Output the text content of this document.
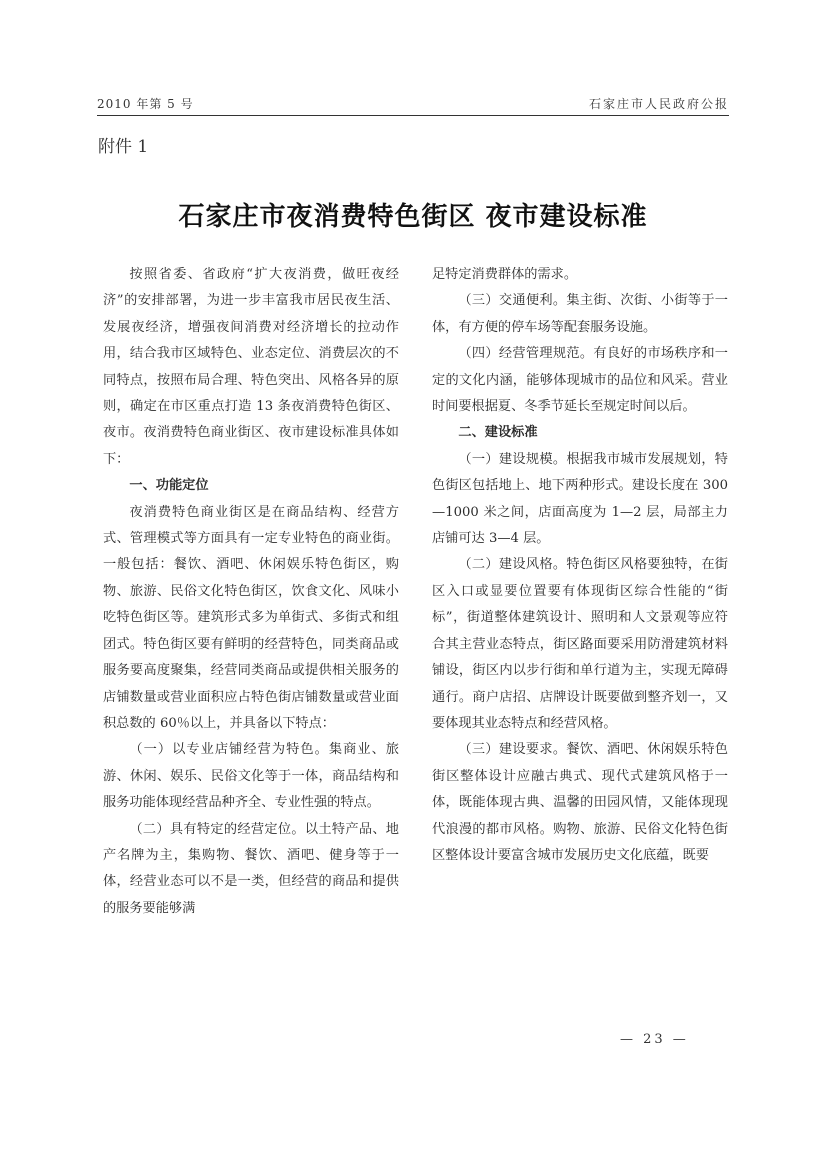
2010 年第 5 号	石家庄市人民政府公报
附件 1
石家庄市夜消费特色街区 夜市建设标准

按照省委、省政府“扩大夜消费，做旺夜经济”的安排部署，为进一步丰富我市居民夜生活、发展夜经济，增强夜间消费对经济增长的拉动作用，结合我市区域特色、业态定位、消费层次的不同特点，按照布局合理、特色突出、风格各异的原则，确定在市区重点打造 13 条夜消费特色街区、夜市。夜消费特色商业街区、夜市建设标准具体如下：

一、功能定位

夜消费特色商业街区是在商品结构、经营方式、管理模式等方面具有一定专业特色的商业街。一般包括：餐饮、酒吧、休闲娱乐特色街区，购物、旅游、民俗文化特色街区，饮食文化、风味小吃特色街区等。建筑形式多为单街式、多街式和组团式。特色街区要有鲜明的经营特色，同类商品或服务要高度聚集，经营同类商品或提供相关服务的店铺数量或营业面积应占特色街店铺数量或营业面积总数的 60％以上，并具备以下特点：

（一）以专业店铺经营为特色。集商业、旅游、休闲、娱乐、民俗文化等于一体，商品结构和服务功能体现经营品种齐全、专业性强的特点。

（二）具有特定的经营定位。以土特产品、地产名牌为主，集购物、餐饮、酒吧、健身等于一体，经营业态可以不是一类，但经营的商品和提供的服务要能够满

足特定消费群体的需求。

（三）交通便利。集主街、次街、小街等于一体，有方便的停车场等配套服务设施。

（四）经营管理规范。有良好的市场秩序和一定的文化内涵，能够体现城市的品位和风采。营业时间要根据夏、冬季节延长至规定时间以后。

二、建设标准

（一）建设规模。根据我市城市发展规划，特色街区包括地上、地下两种形式。建设长度在 300—1000 米之间，店面高度为 1—2 层，局部主力店铺可达 3—4 层。

（二）建设风格。特色街区风格要独特，在街区入口或显要位置要有体现街区综合性能的“街标”，街道整体建筑设计、照明和人文景观等应符合其主营业态特点，街区路面要采用防滑建筑材料铺设，街区内以步行街和单行道为主，实现无障碍通行。商户店招、店牌设计既要做到整齐划一，又要体现其业态特点和经营风格。

（三）建设要求。餐饮、酒吧、休闲娱乐特色街区整体设计应融古典式、现代式建筑风格于一体，既能体现古典、温馨的田园风情，又能体现现代浪漫的都市风格。购物、旅游、民俗文化特色街区整体设计要富含城市发展历史文化底蕴，既要

— 23 —
